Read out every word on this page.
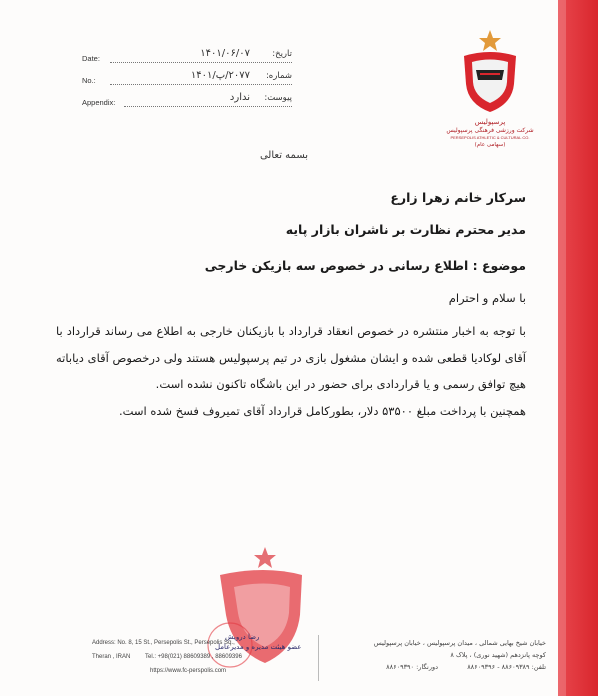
Date:	۱۴۰۱/۰۶/۰۷	تاریخ:
No.:	۲۰۷۷/پ/۱۴۰۱ شماره:
Appendix:	ندارد پیوست:
پرسپولیس
شرکت ورزشی فرهنگی پرسپولیس
PERSEPOLIS ATHLETIC & CULTURAL CO.
(سهامی عام)
بسمه تعالی
سرکار خانم زهرا زارع
مدیر محترم نظارت بر ناشران بازار پایه
موضوع : اطلاع رسانی در خصوص سه بازیکن خارجی
با سلام و احترام

با توجه به اخبار منتشره در خصوص انعقاد قرارداد با بازیکنان خارجی به اطلاع می رساند قرارداد با آقای لوکادیا قطعی شده و ایشان مشغول بازی در تیم پرسپولیس هستند ولی درخصوص آقای دیاباته هیچ توافق رسمی و یا قراردادی برای حضور در این باشگاه تاکنون نشده است.

همچنین با پرداخت مبلغ ۵۳۵۰۰ دلار، بطورکامل قرارداد آقای تمیروف فسخ شده است.

رضا درویش
عضو هیئت مدیره و مدیرعامل
Address: No. 8, 15 St., Persepolis St., Persepolis Sq.,
Theran , IRAN Tel.: +98(021) 88609389 , 88609396
https://www.fc-perspolis.com
خیابان شیخ بهایی شمالی ، میدان پرسپولیس ، خیابان پرسپولیس
کوچه پانزدهم (شهید نوری) ، پلاک ۸
تلفن: ۸۸۶۰۹۳۸۹ - ۸۸۶۰۹۳۹۶
دورنگار: ۸۸۶۰۹۳۹۰
